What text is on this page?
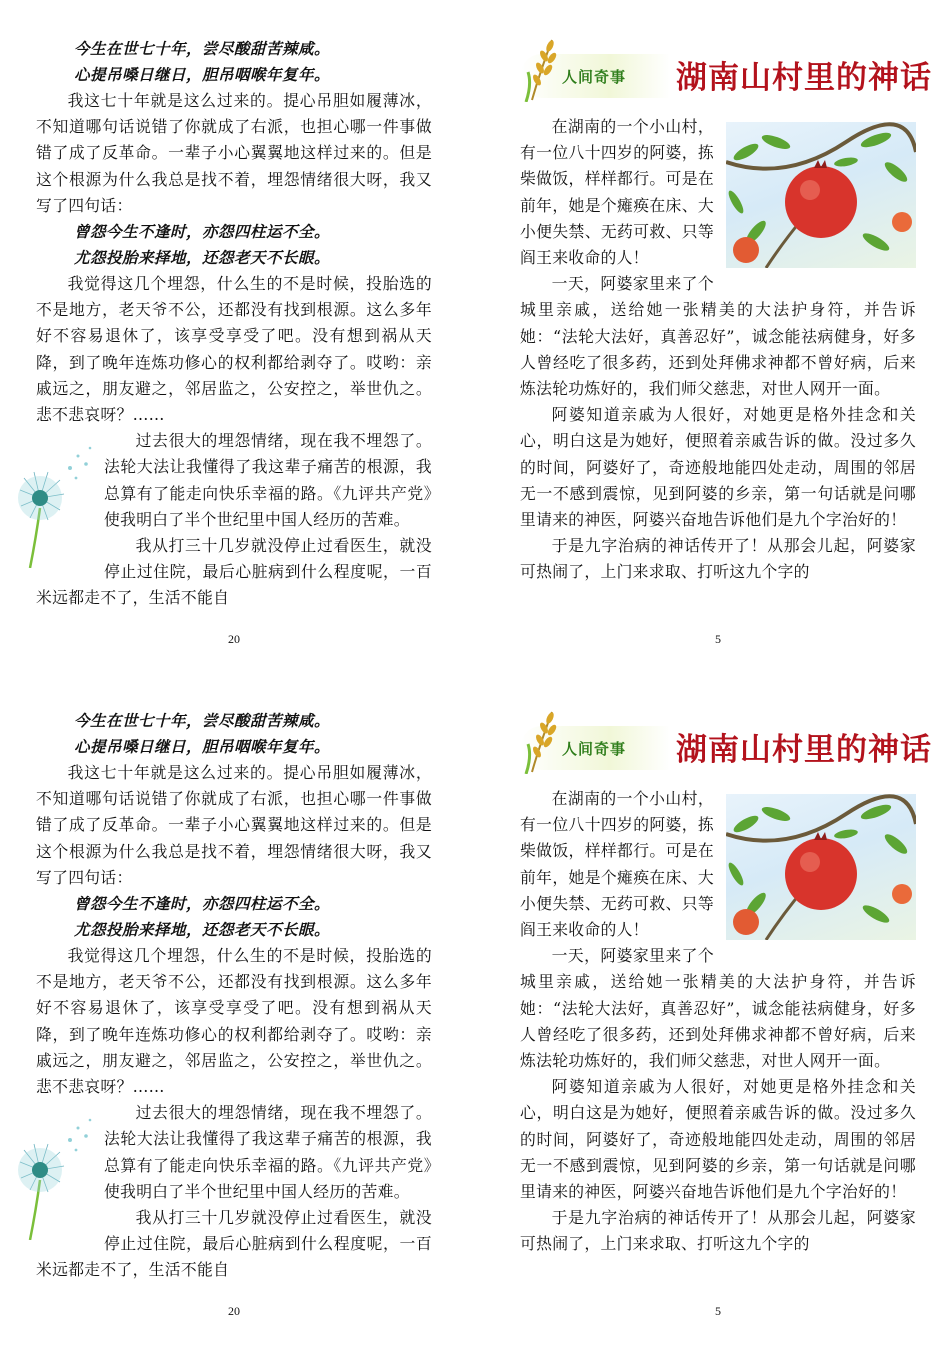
今生在世七十年，尝尽酸甜苦辣咸。
心提吊嗓日继日，胆吊咽喉年复年。

我这七十年就是这么过来的。提心吊胆如履薄冰，不知道哪句话说错了你就成了右派，也担心哪一件事做错了成了反革命。一辈子小心翼翼地这样过来的。但是这个根源为什么我总是找不着，埋怨情绪很大呀，我又写了四句话：

曾怨今生不逢时，亦怨四柱运不全。
尤怨投胎来择地，还怨老天不长眼。

我觉得这几个埋怨，什么生的不是时候，投胎选的不是地方，老天爷不公，还都没有找到根源。这么多年好不容易退休了，该享受享受了吧。没有想到祸从天降，到了晚年连炼功修心的权利都给剥夺了。哎哟：亲戚远之，朋友避之，邻居监之，公安控之，举世仇之。悲不悲哀呀？……

过去很大的埋怨情绪，现在我不埋怨了。法轮大法让我懂得了我这辈子痛苦的根源，我总算有了能走向快乐幸福的路。《九评共产党》使我明白了半个世纪里中国人经历的苦难。

我从打三十几岁就没停止过看医生，就没停止过住院，最后心脏病到什么程度呢，一百米远都走不了，生活不能自

20
人间奇事 湖南山村里的神话

在湖南的一个小山村，有一位八十四岁的阿婆，拣柴做饭，样样都行。可是在前年，她是个瘫痪在床、大小便失禁、无药可救、只等阎王来收命的人！

一天，阿婆家里来了个城里亲戚，送给她一张精美的大法护身符，并告诉她：“法轮大法好，真善忍好”，诚念能祛病健身，好多人曾经吃了很多药，还到处拜佛求神都不曾好病，后来炼法轮功炼好的，我们师父慈悲，对世人网开一面。

阿婆知道亲戚为人很好，对她更是格外挂念和关心，明白这是为她好，便照着亲戚告诉的做。没过多久的时间，阿婆好了，奇迹般地能四处走动，周围的邻居无一不感到震惊，见到阿婆的乡亲，第一句话就是问哪里请来的神医，阿婆兴奋地告诉他们是九个字治好的！

于是九字治病的神话传开了！从那会儿起，阿婆家可热闹了，上门来求取、打听这九个字的

5
今生在世七十年，尝尽酸甜苦辣咸。
心提吊嗓日继日，胆吊咽喉年复年。

我这七十年就是这么过来的。提心吊胆如履薄冰，不知道哪句话说错了你就成了右派，也担心哪一件事做错了成了反革命。一辈子小心翼翼地这样过来的。但是这个根源为什么我总是找不着，埋怨情绪很大呀，我又写了四句话：

曾怨今生不逢时，亦怨四柱运不全。
尤怨投胎来择地，还怨老天不长眼。

我觉得这几个埋怨，什么生的不是时候，投胎选的不是地方，老天爷不公，还都没有找到根源。这么多年好不容易退休了，该享受享受了吧。没有想到祸从天降，到了晚年连炼功修心的权利都给剥夺了。哎哟：亲戚远之，朋友避之，邻居监之，公安控之，举世仇之。悲不悲哀呀？……

过去很大的埋怨情绪，现在我不埋怨了。法轮大法让我懂得了我这辈子痛苦的根源，我总算有了能走向快乐幸福的路。《九评共产党》使我明白了半个世纪里中国人经历的苦难。

我从打三十几岁就没停止过看医生，就没停止过住院，最后心脏病到什么程度呢，一百米远都走不了，生活不能自

20
人间奇事 湖南山村里的神话

在湖南的一个小山村，有一位八十四岁的阿婆，拣柴做饭，样样都行。可是在前年，她是个瘫痪在床、大小便失禁、无药可救、只等阎王来收命的人！

一天，阿婆家里来了个城里亲戚，送给她一张精美的大法护身符，并告诉她：“法轮大法好，真善忍好”，诚念能祛病健身，好多人曾经吃了很多药，还到处拜佛求神都不曾好病，后来炼法轮功炼好的，我们师父慈悲，对世人网开一面。

阿婆知道亲戚为人很好，对她更是格外挂念和关心，明白这是为她好，便照着亲戚告诉的做。没过多久的时间，阿婆好了，奇迹般地能四处走动，周围的邻居无一不感到震惊，见到阿婆的乡亲，第一句话就是问哪里请来的神医，阿婆兴奋地告诉他们是九个字治好的！

于是九字治病的神话传开了！从那会儿起，阿婆家可热闹了，上门来求取、打听这九个字的

5
